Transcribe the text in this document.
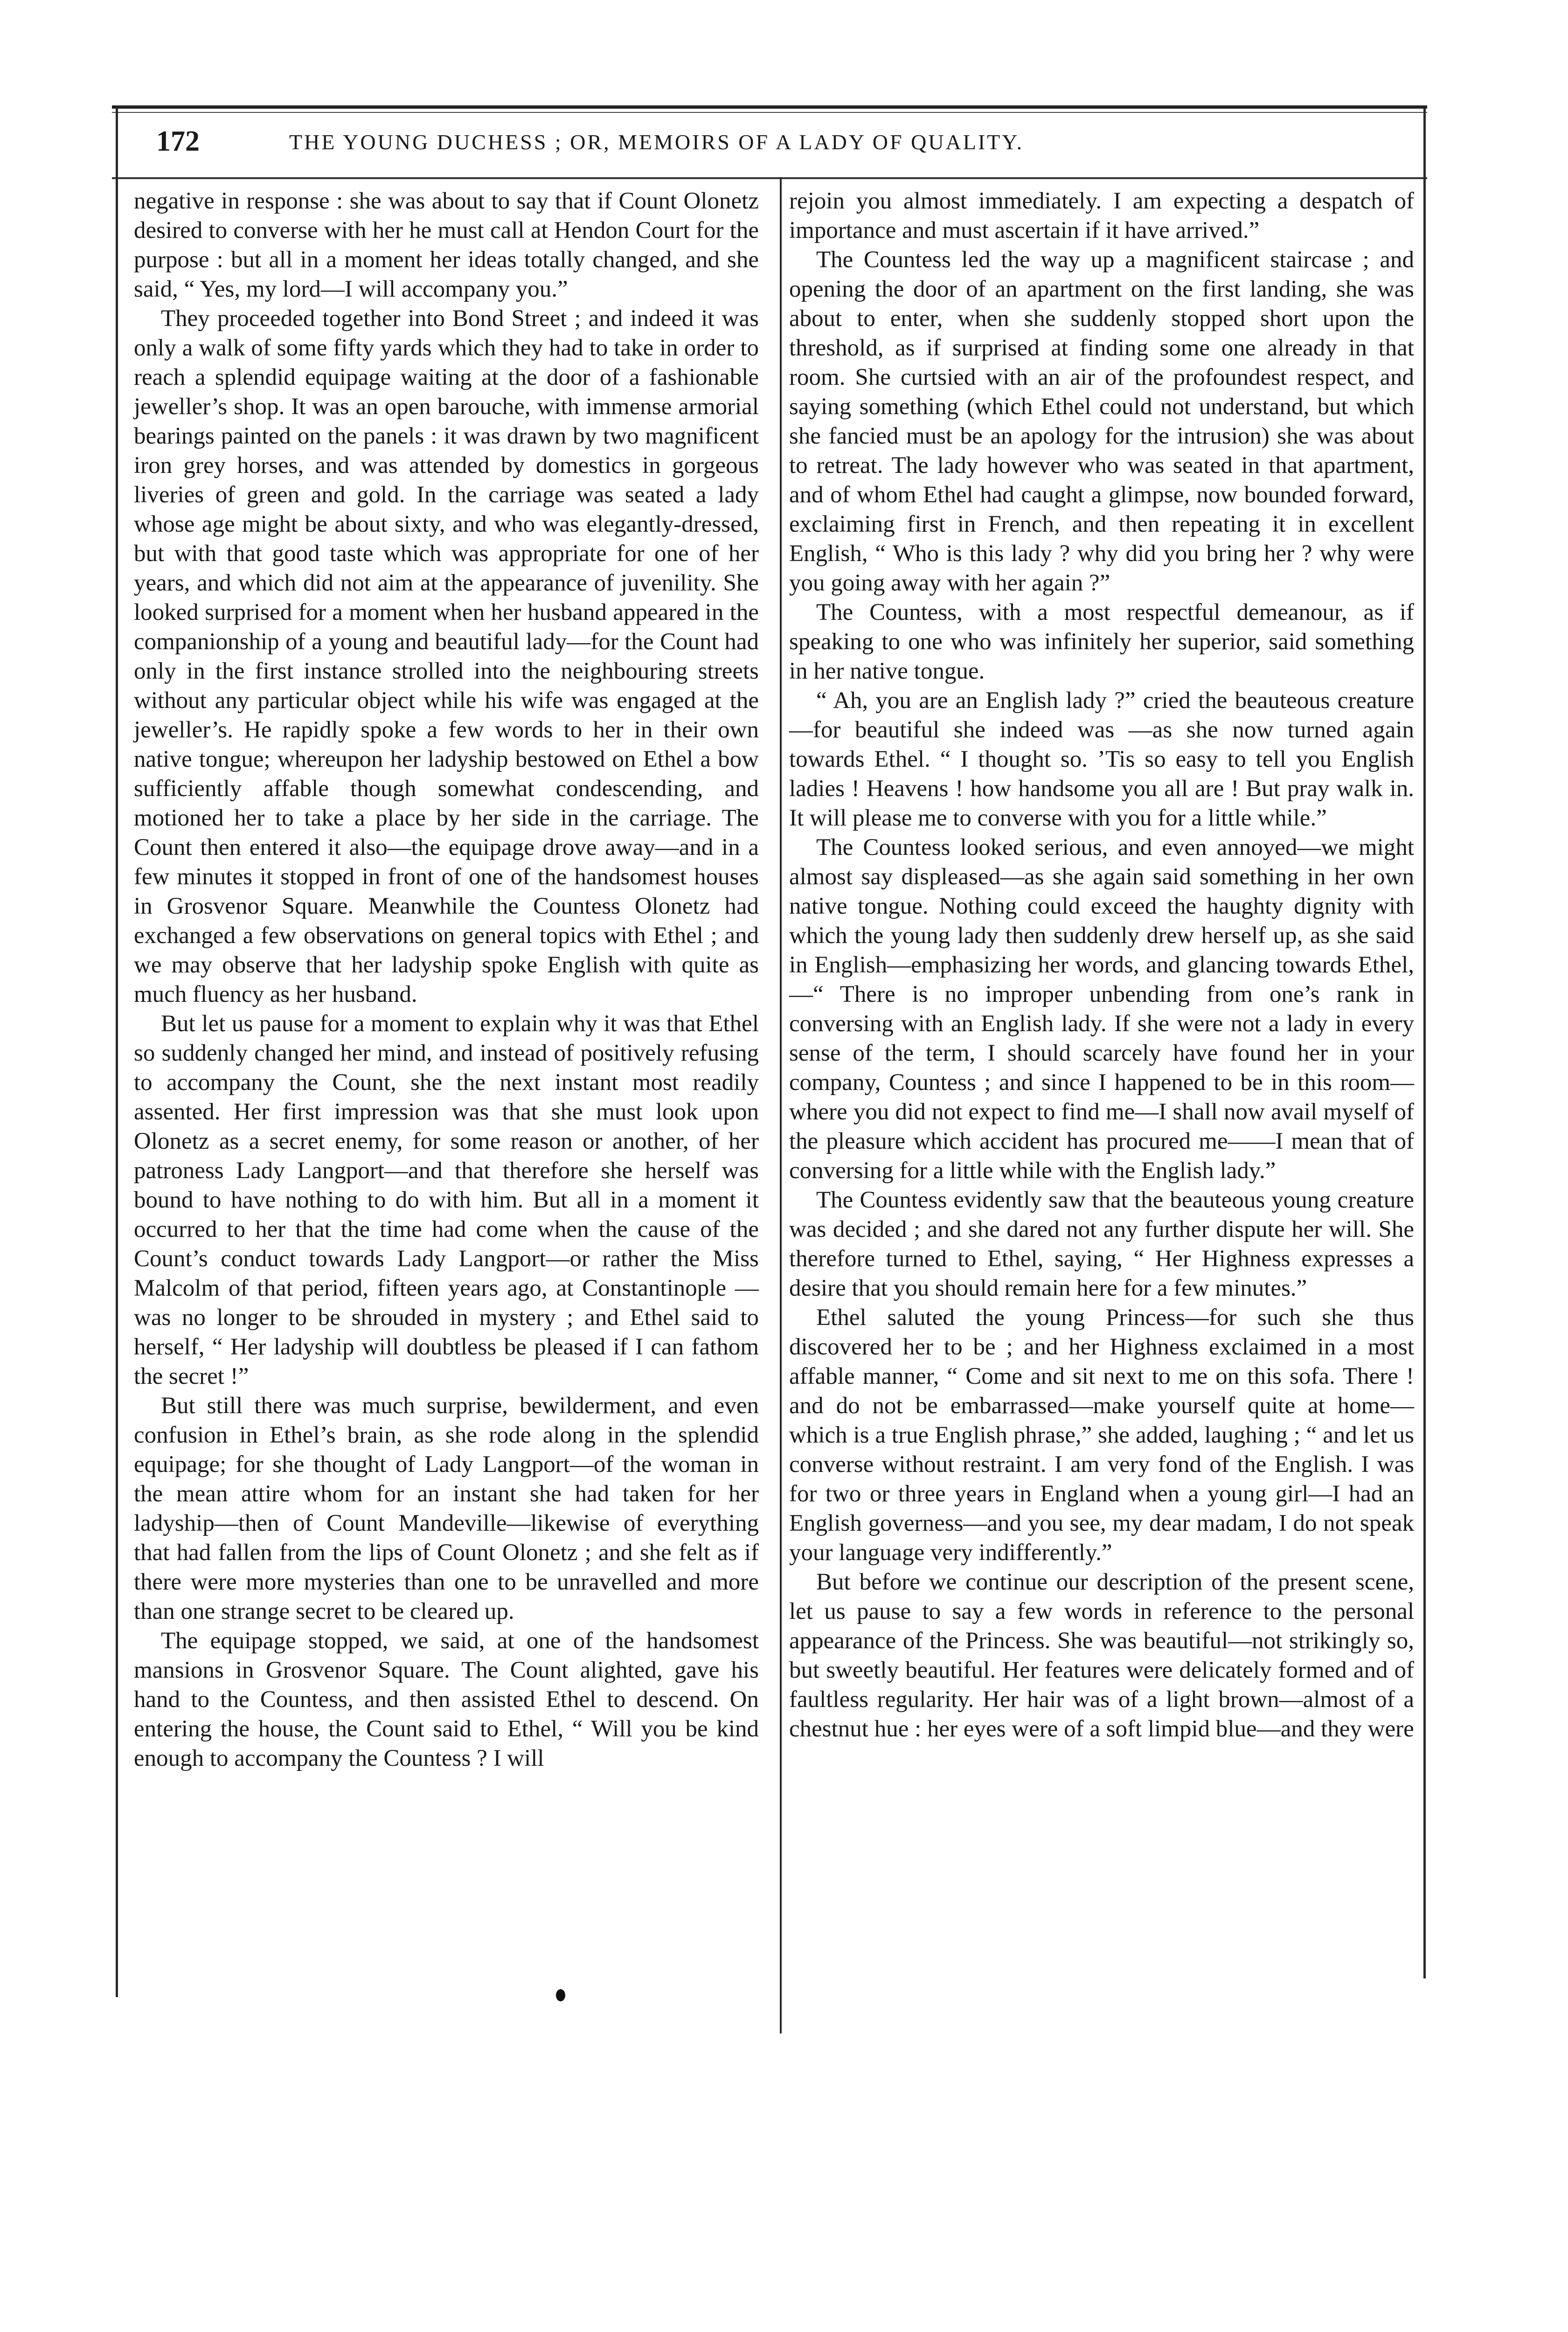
172	THE YOUNG DUCHESS ; OR, MEMOIRS OF A LADY OF QUALITY.

negative in response : she was about to say that if Count Olonetz desired to converse with her he must call at Hendon Court for the purpose : but all in a moment her ideas totally changed, and she said, “ Yes, my lord—I will accompany you.”

They proceeded together into Bond Street ; and indeed it was only a walk of some fifty yards which they had to take in order to reach a splendid equipage waiting at the door of a fashionable jeweller’s shop. It was an open barouche, with immense armorial bearings painted on the panels : it was drawn by two magnificent iron grey horses, and was attended by domestics in gorgeous liveries of green and gold. In the carriage was seated a lady whose age might be about sixty, and who was elegantly-dressed, but with that good taste which was appropriate for one of her years, and which did not aim at the appearance of juvenility. She looked surprised for a moment when her husband appeared in the companionship of a young and beautiful lady—for the Count had only in the first instance strolled into the neighbouring streets without any particular object while his wife was engaged at the jeweller’s. He rapidly spoke a few words to her in their own native tongue; whereupon her ladyship bestowed on Ethel a bow sufficiently affable though somewhat condescending, and motioned her to take a place by her side in the carriage. The Count then entered it also—the equipage drove away—and in a few minutes it stopped in front of one of the handsomest houses in Grosvenor Square. Meanwhile the Countess Olonetz had exchanged a few observations on general topics with Ethel ; and we may observe that her ladyship spoke English with quite as much fluency as her husband.

But let us pause for a moment to explain why it was that Ethel so suddenly changed her mind, and instead of positively refusing to accompany the Count, she the next instant most readily assented. Her first impression was that she must look upon Olonetz as a secret enemy, for some reason or another, of her patroness Lady Langport—and that therefore she herself was bound to have nothing to do with him. But all in a moment it occurred to her that the time had come when the cause of the Count’s conduct towards Lady Langport—or rather the Miss Malcolm of that period, fifteen years ago, at Constantinople —was no longer to be shrouded in mystery ; and Ethel said to herself, “ Her ladyship will doubtless be pleased if I can fathom the secret !”

But still there was much surprise, bewilderment, and even confusion in Ethel’s brain, as she rode along in the splendid equipage; for she thought of Lady Langport—of the woman in the mean attire whom for an instant she had taken for her ladyship—then of Count Mandeville—likewise of everything that had fallen from the lips of Count Olonetz ; and she felt as if there were more mysteries than one to be unravelled and more than one strange secret to be cleared up.

The equipage stopped, we said, at one of the handsomest mansions in Grosvenor Square. The Count alighted, gave his hand to the Countess, and then assisted Ethel to descend. On entering the house, the Count said to Ethel, “ Will you be kind enough to accompany the Countess ? I will

rejoin you almost immediately. I am expecting a despatch of importance and must ascertain if it have arrived.”

The Countess led the way up a magnificent staircase ; and opening the door of an apartment on the first landing, she was about to enter, when she suddenly stopped short upon the threshold, as if surprised at finding some one already in that room. She curtsied with an air of the profoundest respect, and saying something (which Ethel could not understand, but which she fancied must be an apology for the intrusion) she was about to retreat. The lady however who was seated in that apartment, and of whom Ethel had caught a glimpse, now bounded forward, exclaiming first in French, and then repeating it in excellent English, “ Who is this lady ? why did you bring her ? why were you going away with her again ?”

The Countess, with a most respectful demeanour, as if speaking to one who was infinitely her superior, said something in her native tongue.

“ Ah, you are an English lady ?” cried the beauteous creature—for beautiful she indeed was —as she now turned again towards Ethel. “ I thought so. ’Tis so easy to tell you English ladies ! Heavens ! how handsome you all are ! But pray walk in. It will please me to converse with you for a little while.”

The Countess looked serious, and even annoyed—we might almost say displeased—as she again said something in her own native tongue. Nothing could exceed the haughty dignity with which the young lady then suddenly drew herself up, as she said in English—emphasizing her words, and glancing towards Ethel,—“ There is no improper unbending from one’s rank in conversing with an English lady. If she were not a lady in every sense of the term, I should scarcely have found her in your company, Countess ; and since I happened to be in this room—where you did not expect to find me—I shall now avail myself of the pleasure which accident has procured me——I mean that of conversing for a little while with the English lady.”

The Countess evidently saw that the beauteous young creature was decided ; and she dared not any further dispute her will. She therefore turned to Ethel, saying, “ Her Highness expresses a desire that you should remain here for a few minutes.”

Ethel saluted the young Princess—for such she thus discovered her to be ; and her Highness exclaimed in a most affable manner, “ Come and sit next to me on this sofa. There ! and do not be embarrassed—make yourself quite at home—which is a true English phrase,” she added, laughing ; “ and let us converse without restraint. I am very fond of the English. I was for two or three years in England when a young girl—I had an English governess—and you see, my dear madam, I do not speak your language very indifferently.”

But before we continue our description of the present scene, let us pause to say a few words in reference to the personal appearance of the Princess. She was beautiful—not strikingly so, but sweetly beautiful. Her features were delicately formed and of faultless regularity. Her hair was of a light brown—almost of a chestnut hue : her eyes were of a soft limpid blue—and they were
